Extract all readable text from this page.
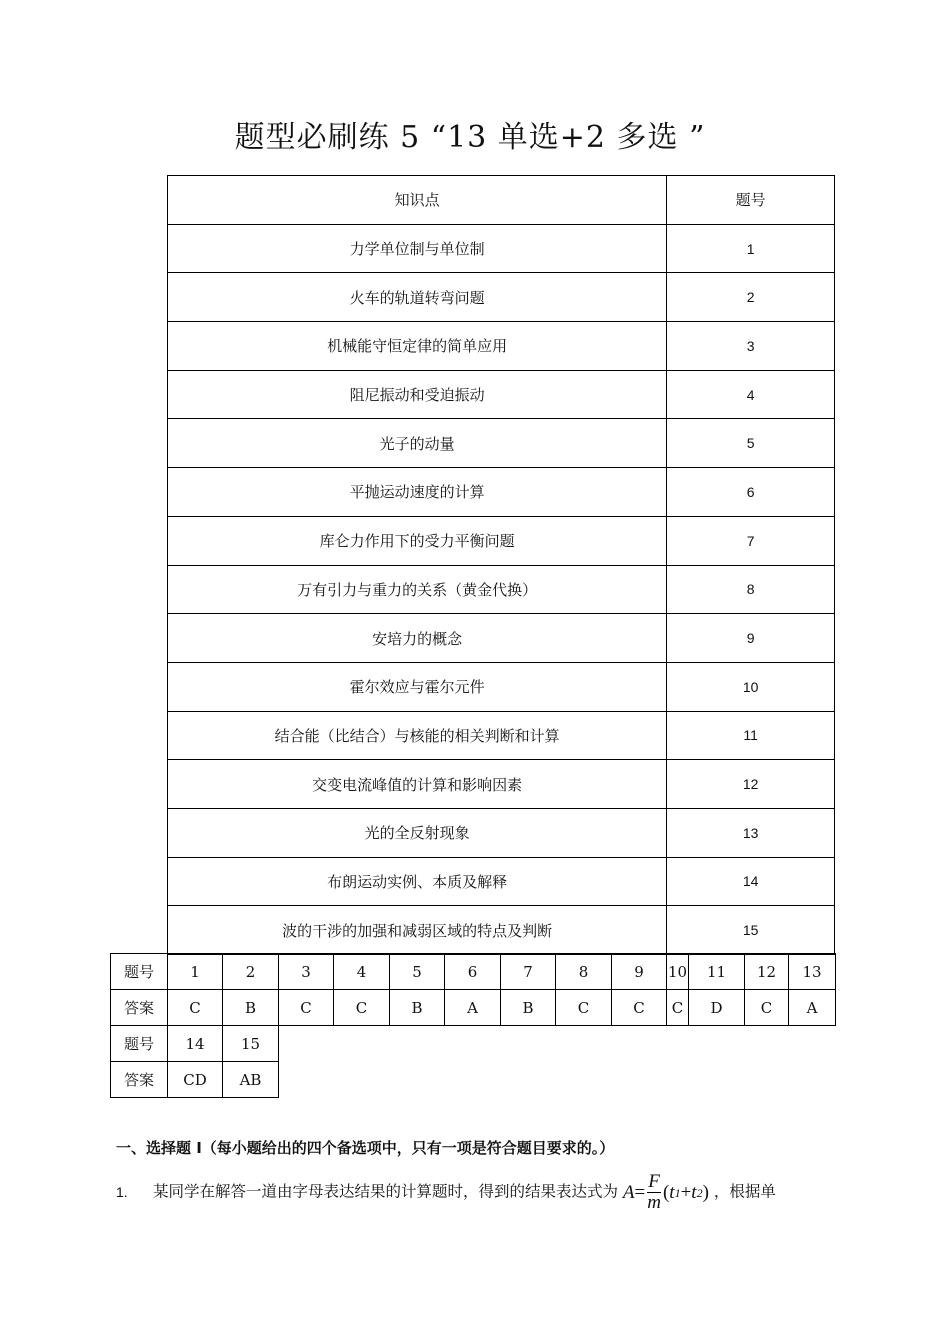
题型必刷练 5 “13 单选+2 多选 ”
知识点	题号
力学单位制与单位制	1
火车的轨道转弯问题	2
机械能守恒定律的简单应用	3
阻尼振动和受迫振动	4
光子的动量	5
平抛运动速度的计算	6
库仑力作用下的受力平衡问题	7
万有引力与重力的关系（黄金代换）	8
安培力的概念	9
霍尔效应与霍尔元件	10
结合能（比结合）与核能的相关判断和计算	11
交变电流峰值的计算和影响因素	12
光的全反射现象	13
布朗运动实例、本质及解释	14
波的干涉的加强和减弱区域的特点及判断	15
题号	1	2	3	4	5	6	7	8	9	10	11	12	13
答案	C	B	C	C	B	A	B	C	C	C	D	C	A
题号	14	15											
答案	CD	AB											
一、选择题 I（每小题给出的四个备选项中，只有一项是符合题目要求的。）
1. 某同学在解答一道由字母表达结果的计算题时，得到的结果表达式为 $A = \frac{F}{m}$ ( t 1 + t 2 ) ，根据单
